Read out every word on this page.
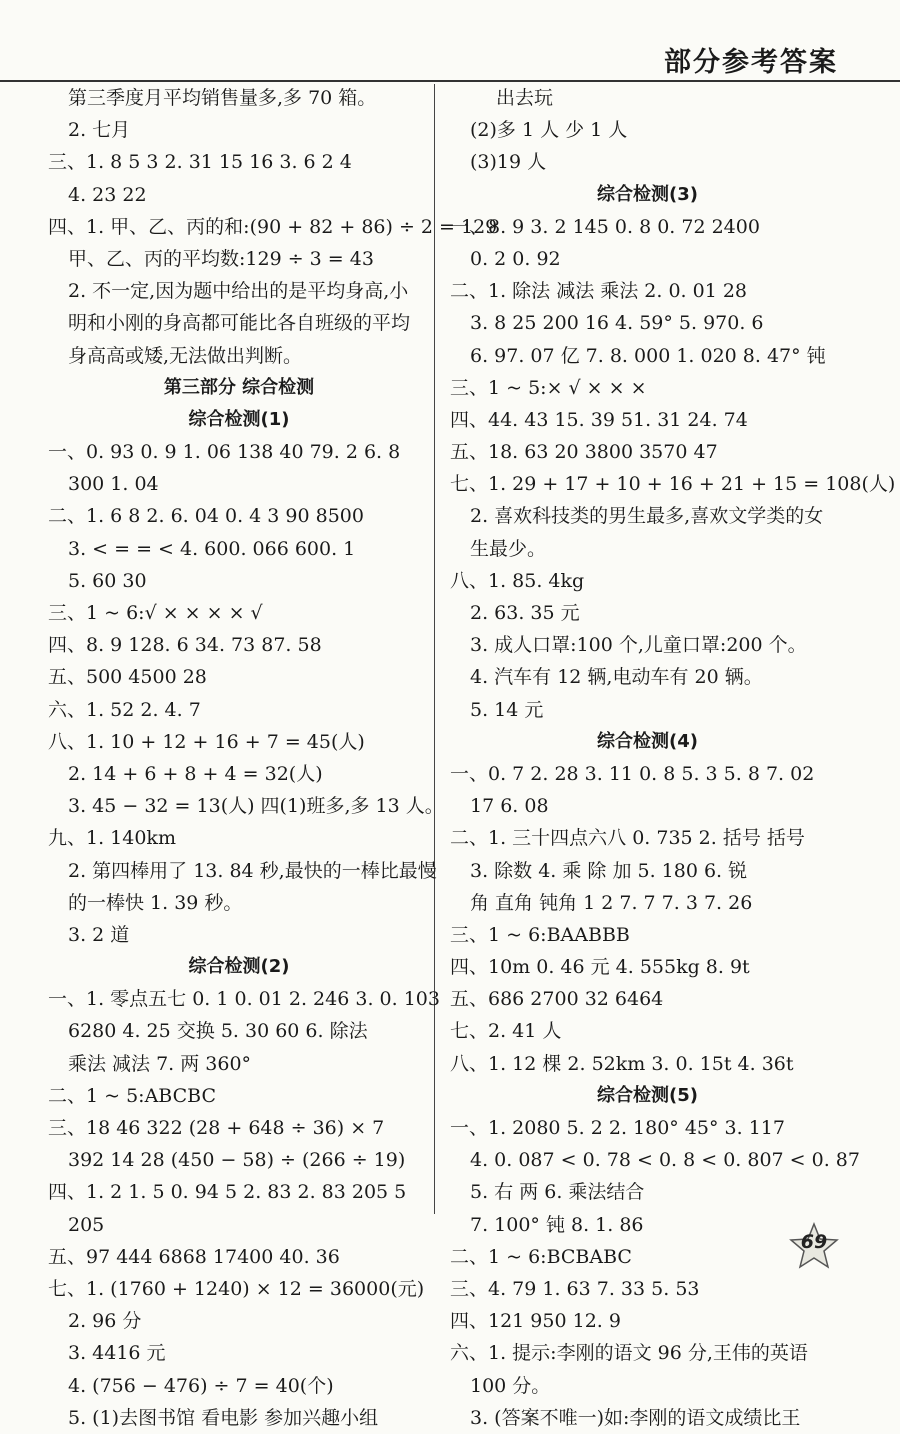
部分参考答案
第三季度月平均销售量多,多 70 箱。
2. 七月
三、1. 8 5 3 2. 31 15 16 3. 6 2 4
4. 23 22
四、1. 甲、乙、丙的和:(90 + 82 + 86) ÷ 2 = 129
甲、乙、丙的平均数:129 ÷ 3 = 43
2. 不一定,因为题中给出的是平均身高,小
明和小刚的身高都可能比各自班级的平均
身高高或矮,无法做出判断。
第三部分 综合检测
综合检测(1)
一、0. 93 0. 9 1. 06 138 40 79. 2 6. 8
300 1. 04
二、1. 6 8 2. 6. 04 0. 4 3 90 8500
3. < = = < 4. 600. 066 600. 1
5. 60 30
三、1 ~ 6:√ × × × × √
四、8. 9 128. 6 34. 73 87. 58
五、500 4500 28
六、1. 52 2. 4. 7
八、1. 10 + 12 + 16 + 7 = 45(人)
2. 14 + 6 + 8 + 4 = 32(人)
3. 45 − 32 = 13(人) 四(1)班多,多 13 人。
九、1. 140km
2. 第四棒用了 13. 84 秒,最快的一棒比最慢
的一棒快 1. 39 秒。
3. 2 道
综合检测(2)
一、1. 零点五七 0. 1 0. 01 2. 246 3. 0. 103
6280 4. 25 交换 5. 30 60 6. 除法
乘法 减法 7. 两 360°
二、1 ~ 5:ABCBC
三、18 46 322 (28 + 648 ÷ 36) × 7
392 14 28 (450 − 58) ÷ (266 ÷ 19)
四、1. 2 1. 5 0. 94 5 2. 83 2. 83 205 5
205
五、97 444 6868 17400 40. 36
七、1. (1760 + 1240) × 12 = 36000(元)
2. 96 分
3. 4416 元
4. (756 − 476) ÷ 7 = 40(个)
5. (1)去图书馆 看电影 参加兴趣小组
出去玩
(2)多 1 人 少 1 人
(3)19 人
综合检测(3)
一、8. 9 3. 2 145 0. 8 0. 72 2400
0. 2 0. 92
二、1. 除法 减法 乘法 2. 0. 01 28
3. 8 25 200 16 4. 59° 5. 970. 6
6. 97. 07 亿 7. 8. 000 1. 020 8. 47° 钝
三、1 ~ 5:× √ × × ×
四、44. 43 15. 39 51. 31 24. 74
五、18. 63 20 3800 3570 47
七、1. 29 + 17 + 10 + 16 + 21 + 15 = 108(人)
2. 喜欢科技类的男生最多,喜欢文学类的女
生最少。
八、1. 85. 4kg
2. 63. 35 元
3. 成人口罩:100 个,儿童口罩:200 个。
4. 汽车有 12 辆,电动车有 20 辆。
5. 14 元
综合检测(4)
一、0. 7 2. 28 3. 11 0. 8 5. 3 5. 8 7. 02
17 6. 08
二、1. 三十四点六八 0. 735 2. 括号 括号
3. 除数 4. 乘 除 加 5. 180 6. 锐
角 直角 钝角 1 2 7. 7 7. 3 7. 26
三、1 ~ 6:BAABBB
四、10m 0. 46 元 4. 555kg 8. 9t
五、686 2700 32 6464
七、2. 41 人
八、1. 12 棵 2. 52km 3. 0. 15t 4. 36t
综合检测(5)
一、1. 2080 5. 2 2. 180° 45° 3. 117
4. 0. 087 < 0. 78 < 0. 8 < 0. 807 < 0. 87
5. 右 两 6. 乘法结合
7. 100° 钝 8. 1. 86
二、1 ~ 6:BCBABC
三、4. 79 1. 63 7. 33 5. 53
四、121 950 12. 9
六、1. 提示:李刚的语文 96 分,王伟的英语
100 分。
3. (答案不唯一)如:李刚的语文成绩比王
69
